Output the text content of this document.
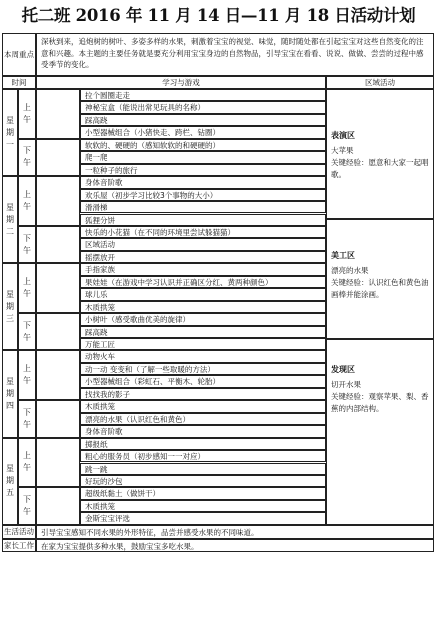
托二班 2016 年 11 月 14 日—11 月 18 日活动计划
本周重点
深秋到来，追炮树的树叶、多姿多样的水果，刺激着宝宝的视觉、味觉，随时随处都在引起宝宝对这些自然变化的注意和兴趣。本主题的主要任务就是要充分利用宝宝身边的自然物品，引导宝宝在看看、说说、做做、尝尝的过程中感受季节的变化。
时间	学习与游戏	区域活动
星期一
上午
拉个圆圈走走
神秘宝盒（能说出常见玩具的名称）
踩高跷
小型器械组合（小猪快走、跨栏、钻圈）
下午
软软的、硬硬的（感知软软的和硬硬的）
爬一爬
一粒种子的旅行
星期二
上午
身体音阶歌
欢乐屋（初步学习比较3个事物的大小）
滑滑梯
狐狸分饼
下午
快乐的小花猫（在不同的环境里尝试躲猫猫）
区域活动
摇摆放开
星期三
上午
手指家族
果娃娃（在游戏中学习认识并正确区分红、黄两种颜色）
球儿乐
木质拱笼
下午
小树叶（感受歌曲优美的旋律）
踩高跷
万能工匠
星期四
上午
动物火车
动一动 变变和（了解一些取暖的方法）
小型器械组合（彩虹石、平衡木、轮胎）
找找我的影子
下午
木质拱笼
漂亮的水果（认识红色和黄色）
身体音阶歌
星期五
上午
掷报纸
粗心的服务员（初步感知一一对应）
跳一跳
好玩的沙包
下午
超级纸黏土（做饼干）
木质拱笼
金斯宝宝评选
表演区
大苹果
关键经验：愿意和大家一起唱歌。
美工区
漂亮的水果
关键经验：认识红色和黄色油画棒并能涂画。
发现区
切开水果
关键经验：观察苹果、梨、香蕉的内部结构。
生活活动 引导宝宝感知不同水果的外形特征，品尝并感受水果的不同味道。
家长工作 在家为宝宝提供多种水果，鼓励宝宝多吃水果。
